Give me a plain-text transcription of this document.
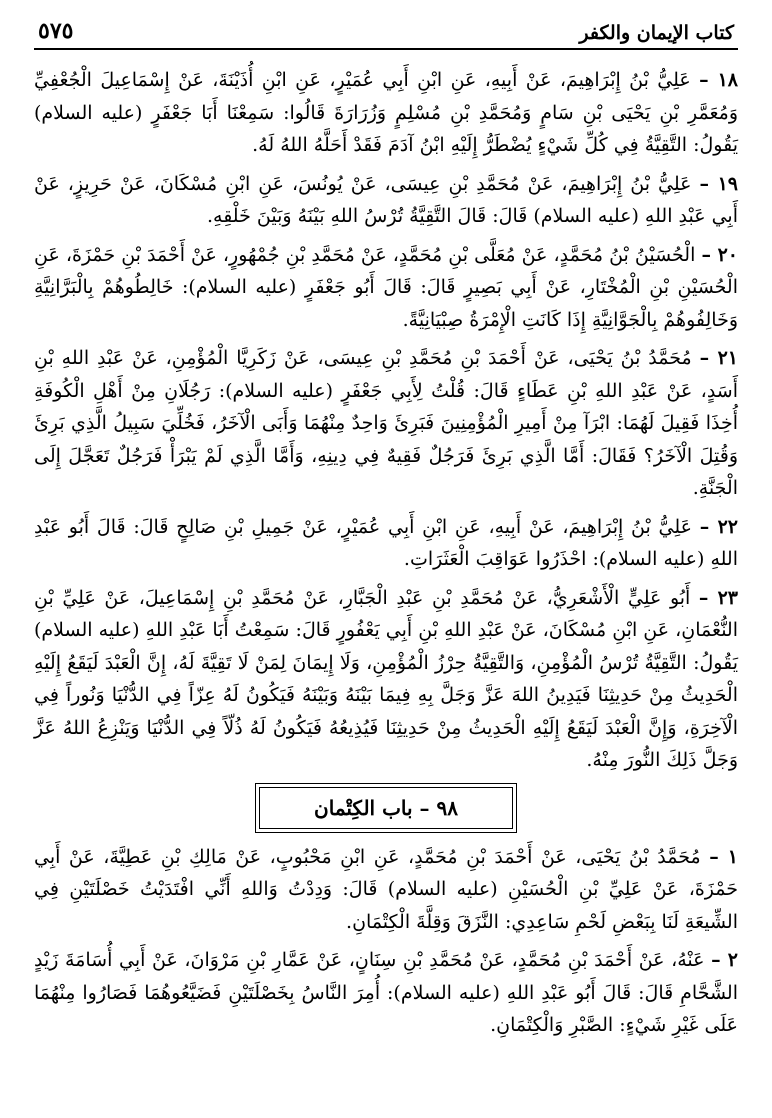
كتاب الإيمان والكفر
٥٧٥

١٨ – عَلِيُّ بْنُ إِبْرَاهِيمَ، عَنْ أَبِيهِ، عَنِ ابْنِ أَبِي عُمَيْرٍ، عَنِ ابْنِ أُذَيْنَةَ، عَنْ إِسْمَاعِيلَ الْجُعْفِيِّ وَمُعَمَّرِ بْنِ يَحْيَى بْنِ سَامٍ وَمُحَمَّدِ بْنِ مُسْلِمٍ وَزُرَارَةَ قَالُوا: سَمِعْنَا أَبَا جَعْفَرٍ (عليه السلام) يَقُولُ: التَّقِيَّةُ فِي كُلِّ شَيْءٍ يُضْطَرُّ إِلَيْهِ ابْنُ آدَمَ فَقَدْ أَحَلَّهُ اللهُ لَهُ.

١٩ – عَلِيُّ بْنُ إِبْرَاهِيمَ، عَنْ مُحَمَّدِ بْنِ عِيسَى، عَنْ يُونُسَ، عَنِ ابْنِ مُسْكَانَ، عَنْ حَرِيزٍ، عَنْ أَبِي عَبْدِ اللهِ (عليه السلام) قَالَ: قَالَ التَّقِيَّةُ تُرْسُ اللهِ بَيْنَهُ وَبَيْنَ خَلْقِهِ.

٢٠ – الْحُسَيْنُ بْنُ مُحَمَّدٍ، عَنْ مُعَلَّى بْنِ مُحَمَّدٍ، عَنْ مُحَمَّدِ بْنِ جُمْهُورٍ، عَنْ أَحْمَدَ بْنِ حَمْزَةَ، عَنِ الْحُسَيْنِ بْنِ الْمُخْتَارِ، عَنْ أَبِي بَصِيرٍ قَالَ: قَالَ أَبُو جَعْفَرٍ (عليه السلام): خَالِطُوهُمْ بِالْبَرَّانِيَّةِ وَخَالِفُوهُمْ بِالْجَوَّانِيَّةِ إِذَا كَانَتِ الْإِمْرَةُ صِبْيَانِيَّةً.

٢١ – مُحَمَّدُ بْنُ يَحْيَى، عَنْ أَحْمَدَ بْنِ مُحَمَّدِ بْنِ عِيسَى، عَنْ زَكَرِيَّا الْمُؤْمِنِ، عَنْ عَبْدِ اللهِ بْنِ أَسَدٍ، عَنْ عَبْدِ اللهِ بْنِ عَطَاءٍ قَالَ: قُلْتُ لِأَبِي جَعْفَرٍ (عليه السلام): رَجُلَانِ مِنْ أَهْلِ الْكُوفَةِ أُخِذَا فَقِيلَ لَهُمَا: ابْرَآ مِنْ أَمِيرِ الْمُؤْمِنِينَ فَبَرِئَ وَاحِدٌ مِنْهُمَا وَأَبَى الْآخَرُ، فَخُلِّيَ سَبِيلُ الَّذِي بَرِئَ وَقُتِلَ الْآخَرُ؟ فَقَالَ: أَمَّا الَّذِي بَرِئَ فَرَجُلٌ فَقِيهٌ فِي دِينِهِ، وَأَمَّا الَّذِي لَمْ يَبْرَأْ فَرَجُلٌ تَعَجَّلَ إِلَى الْجَنَّةِ.

٢٢ – عَلِيُّ بْنُ إِبْرَاهِيمَ، عَنْ أَبِيهِ، عَنِ ابْنِ أَبِي عُمَيْرٍ، عَنْ جَمِيلِ بْنِ صَالِحٍ قَالَ: قَالَ أَبُو عَبْدِ اللهِ (عليه السلام): احْذَرُوا عَوَاقِبَ الْعَثَرَاتِ.

٢٣ – أَبُو عَلِيٍّ الْأَشْعَرِيُّ، عَنْ مُحَمَّدِ بْنِ عَبْدِ الْجَبَّارِ، عَنْ مُحَمَّدِ بْنِ إِسْمَاعِيلَ، عَنْ عَلِيِّ بْنِ النُّعْمَانِ، عَنِ ابْنِ مُسْكَانَ، عَنْ عَبْدِ اللهِ بْنِ أَبِي يَعْفُورٍ قَالَ: سَمِعْتُ أَبَا عَبْدِ اللهِ (عليه السلام) يَقُولُ: التَّقِيَّةُ تُرْسُ الْمُؤْمِنِ، وَالتَّقِيَّةُ حِرْزُ الْمُؤْمِنِ، وَلَا إِيمَانَ لِمَنْ لَا تَقِيَّةَ لَهُ، إِنَّ الْعَبْدَ لَيَقَعُ إِلَيْهِ الْحَدِيثُ مِنْ حَدِيثِنَا فَيَدِينُ اللهَ عَزَّ وَجَلَّ بِهِ فِيمَا بَيْنَهُ وَبَيْنَهُ فَيَكُونُ لَهُ عِزّاً فِي الدُّنْيَا وَنُوراً فِي الْآخِرَةِ، وَإِنَّ الْعَبْدَ لَيَقَعُ إِلَيْهِ الْحَدِيثُ مِنْ حَدِيثِنَا فَيُذِيعُهُ فَيَكُونُ لَهُ ذُلّاً فِي الدُّنْيَا وَيَنْزِعُ اللهُ عَزَّ وَجَلَّ ذَلِكَ النُّورَ مِنْهُ.

٩٨ – باب الكِتْمان

١ – مُحَمَّدُ بْنُ يَحْيَى، عَنْ أَحْمَدَ بْنِ مُحَمَّدٍ، عَنِ ابْنِ مَحْبُوبٍ، عَنْ مَالِكِ بْنِ عَطِيَّةَ، عَنْ أَبِي حَمْزَةَ، عَنْ عَلِيِّ بْنِ الْحُسَيْنِ (عليه السلام) قَالَ: وَدِدْتُ وَاللهِ أَنِّي افْتَدَيْتُ خَصْلَتَيْنِ فِي الشِّيعَةِ لَنَا بِبَعْضِ لَحْمِ سَاعِدِي: النَّزَقَ وَقِلَّةَ الْكِتْمَانِ.

٢ – عَنْهُ، عَنْ أَحْمَدَ بْنِ مُحَمَّدٍ، عَنْ مُحَمَّدِ بْنِ سِنَانٍ، عَنْ عَمَّارِ بْنِ مَرْوَانَ، عَنْ أَبِي أُسَامَةَ زَيْدٍ الشَّحَّامِ قَالَ: قَالَ أَبُو عَبْدِ اللهِ (عليه السلام): أُمِرَ النَّاسُ بِخَصْلَتَيْنِ فَضَيَّعُوهُمَا فَصَارُوا مِنْهُمَا عَلَى غَيْرِ شَيْءٍ: الصَّبْرِ وَالْكِتْمَانِ.
